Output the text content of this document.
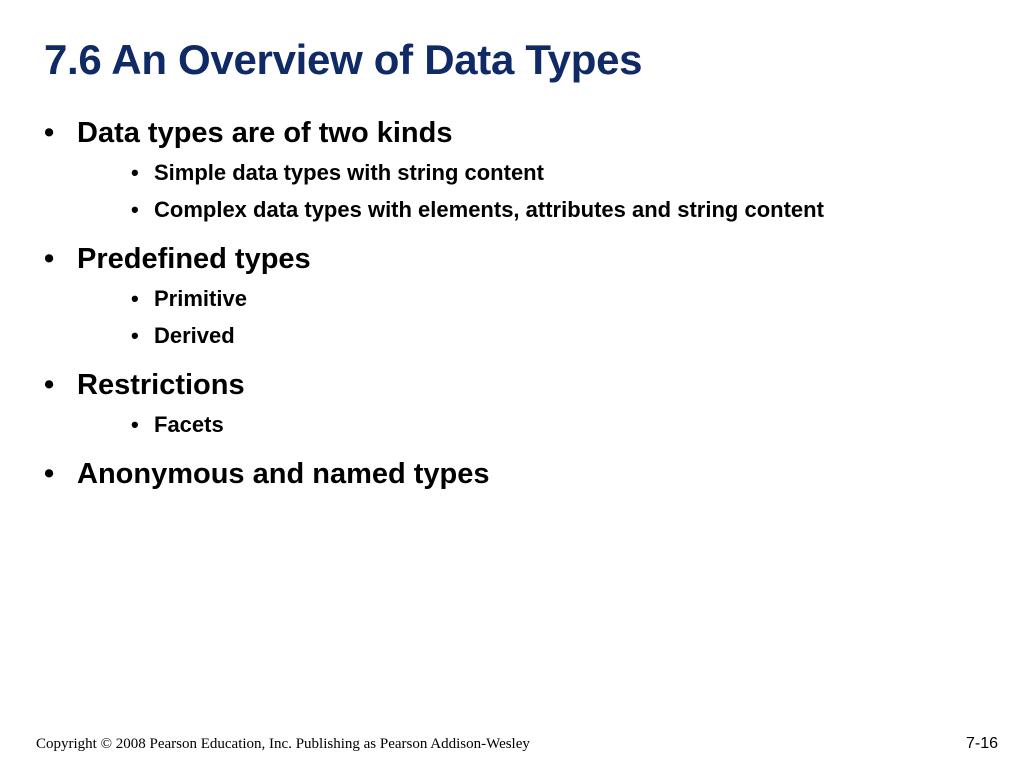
7.6 An Overview of Data Types
• Data types are of two kinds
• Simple data types with string content
• Complex data types with elements, attributes and string content
• Predefined types
• Primitive
• Derived
• Restrictions
• Facets
• Anonymous and named types
Copyright © 2008 Pearson Education, Inc. Publishing as Pearson Addison-Wesley	7-16
